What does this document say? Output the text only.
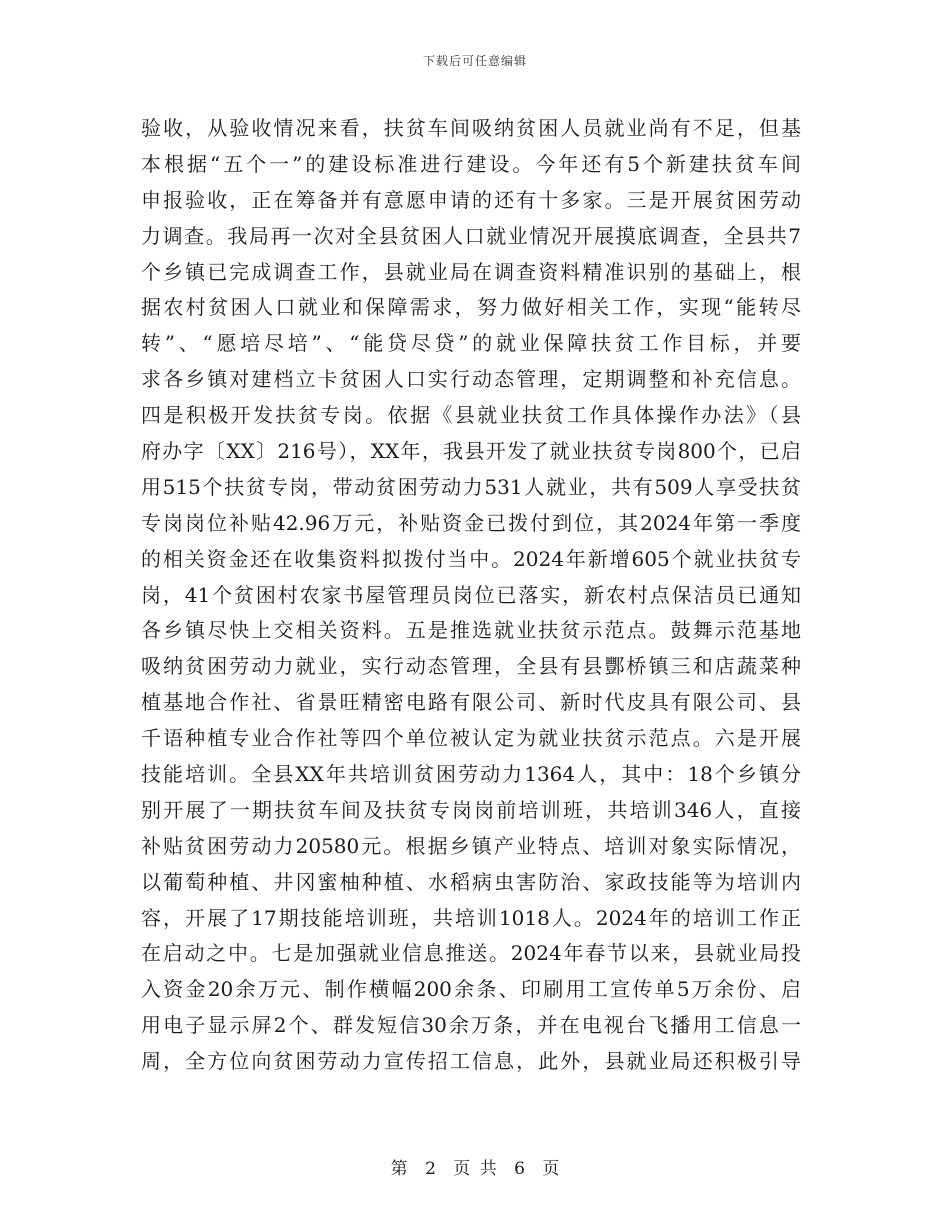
下载后可任意编辑
验收，从验收情况来看，扶贫车间吸纳贫困人员就业尚有不足，但基
本根据“五个一”的建设标准进行建设。今年还有5个新建扶贫车间
申报验收，正在筹备并有意愿申请的还有十多家。三是开展贫困劳动
力调查。我局再一次对全县贫困人口就业情况开展摸底调查，全县共7
个乡镇已完成调查工作，县就业局在调查资料精准识别的基础上，根
据农村贫困人口就业和保障需求，努力做好相关工作，实现“能转尽
转”、“愿培尽培”、“能贷尽贷”的就业保障扶贫工作目标，并要
求各乡镇对建档立卡贫困人口实行动态管理，定期调整和补充信息。
四是积极开发扶贫专岗。依据《县就业扶贫工作具体操作办法》（县
府办字〔XX〕216号），XX年，我县开发了就业扶贫专岗800个，已启
用515个扶贫专岗，带动贫困劳动力531人就业，共有509人享受扶贫
专岗岗位补贴42.96万元，补贴资金已拨付到位，其2024年第一季度
的相关资金还在收集资料拟拨付当中。2024年新增605个就业扶贫专
岗，41个贫困村农家书屋管理员岗位已落实，新农村点保洁员已通知
各乡镇尽快上交相关资料。五是推选就业扶贫示范点。鼓舞示范基地
吸纳贫困劳动力就业，实行动态管理，全县有县酆桥镇三和店蔬菜种
植基地合作社、省景旺精密电路有限公司、新时代皮具有限公司、县
千语种植专业合作社等四个单位被认定为就业扶贫示范点。六是开展
技能培训。全县XX年共培训贫困劳动力1364人，其中：18个乡镇分
别开展了一期扶贫车间及扶贫专岗岗前培训班，共培训346人，直接
补贴贫困劳动力20580元。根据乡镇产业特点、培训对象实际情况，
以葡萄种植、井冈蜜柚种植、水稻病虫害防治、家政技能等为培训内
容，开展了17期技能培训班，共培训1018人。2024年的培训工作正
在启动之中。七是加强就业信息推送。2024年春节以来，县就业局投
入资金20余万元、制作横幅200余条、印刷用工宣传单5万余份、启
用电子显示屏2个、群发短信30余万条，并在电视台飞播用工信息一
周，全方位向贫困劳动力宣传招工信息，此外，县就业局还积极引导
第 2 页 共 6 页
